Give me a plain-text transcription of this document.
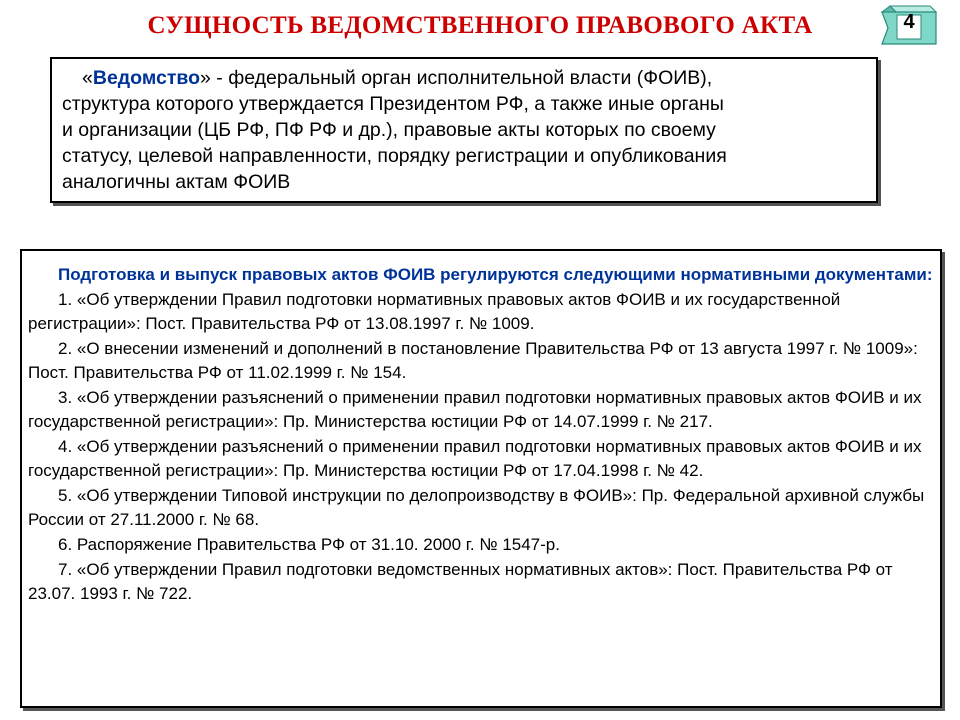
СУЩНОСТЬ ВЕДОМСТВЕННОГО ПРАВОВОГО АКТА	4

«Ведомство» - федеральный орган исполнительной власти (ФОИВ),

структура которого утверждается Президентом РФ, а также иные органы

и организации (ЦБ РФ, ПФ РФ и др.), правовые акты которых по своему

статусу, целевой направленности, порядку регистрации и опубликования

аналогичны актам ФОИВ

Подготовка и выпуск правовых актов ФОИВ регулируются следующими нормативными документами:

1. «Об утверждении Правил подготовки нормативных правовых актов ФОИВ и их государственной регистрации»: Пост. Правительства РФ от 13.08.1997 г. № 1009.

2. «О внесении изменений и дополнений в постановление Правительства РФ от 13 августа 1997 г. № 1009»: Пост. Правительства РФ от 11.02.1999 г. № 154.

3. «Об утверждении разъяснений о применении правил подготовки нормативных правовых актов ФОИВ и их государственной регистрации»: Пр. Министерства юстиции РФ от 14.07.1999 г. № 217.

4. «Об утверждении разъяснений о применении правил подготовки нормативных правовых актов ФОИВ и их государственной регистрации»: Пр. Министерства юстиции РФ от 17.04.1998 г. № 42.

5. «Об утверждении Типовой инструкции по делопроизводству в ФОИВ»: Пр. Федеральной архивной службы России от 27.11.2000 г. № 68.

6. Распоряжение Правительства РФ от 31.10. 2000 г. № 1547-р.

7. «Об утверждении Правил подготовки ведомственных нормативных актов»: Пост. Правительства РФ от 23.07. 1993 г. № 722.
